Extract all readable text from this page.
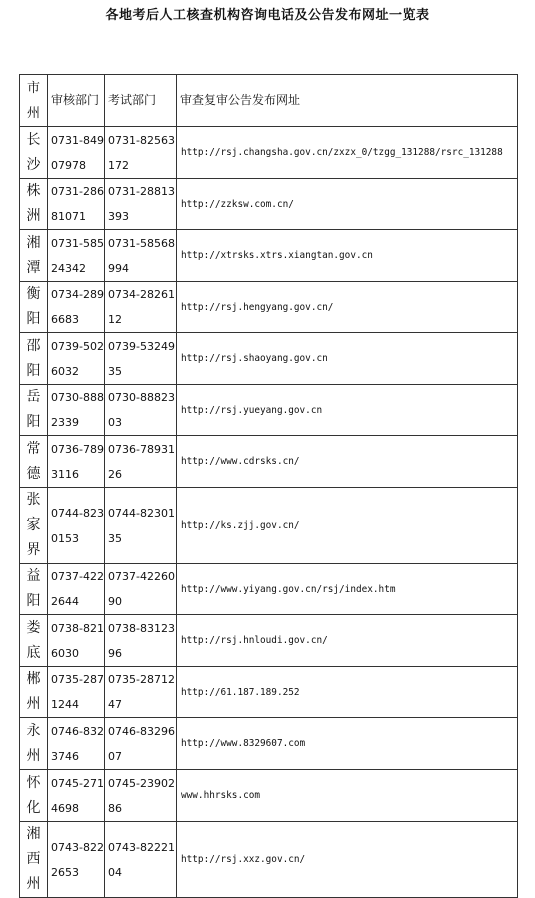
各地考后人工核查机构咨询电话及公告发布网址一览表
市州	审核部门	考试部门	审查复审公告发布网址

长沙	0731-84907978	0731-82563172	http://rsj.changsha.gov.cn/zxzx_0/tzgg_131288/rsrc_131288

株洲	0731-28681071	0731-28813393	http://zzksw.com.cn/

湘潭	0731-58524342	0731-58568994	http://xtrsks.xtrs.xiangtan.gov.cn

衡阳	0734-2896683	0734-2826112	http://rsj.hengyang.gov.cn/

邵阳	0739-5026032	0739-5324935	http://rsj.shaoyang.gov.cn

岳阳	0730-8882339	0730-8882303	http://rsj.yueyang.gov.cn

常德	0736-7893116	0736-7893126	http://www.cdrsks.cn/

张家界	0744-8230153	0744-8230135	http://ks.zjj.gov.cn/

益阳	0737-4222644	0737-4226090	http://www.yiyang.gov.cn/rsj/index.htm

娄底	0738-8216030	0738-8312396	http://rsj.hnloudi.gov.cn/

郴州	0735-2871244	0735-2871247	http://61.187.189.252

永州	0746-8323746	0746-8329607	http://www.8329607.com

怀化	0745-2714698	0745-2390286	www.hhrsks.com

湘西州	0743-8222653	0743-8222104	http://rsj.xxz.gov.cn/
